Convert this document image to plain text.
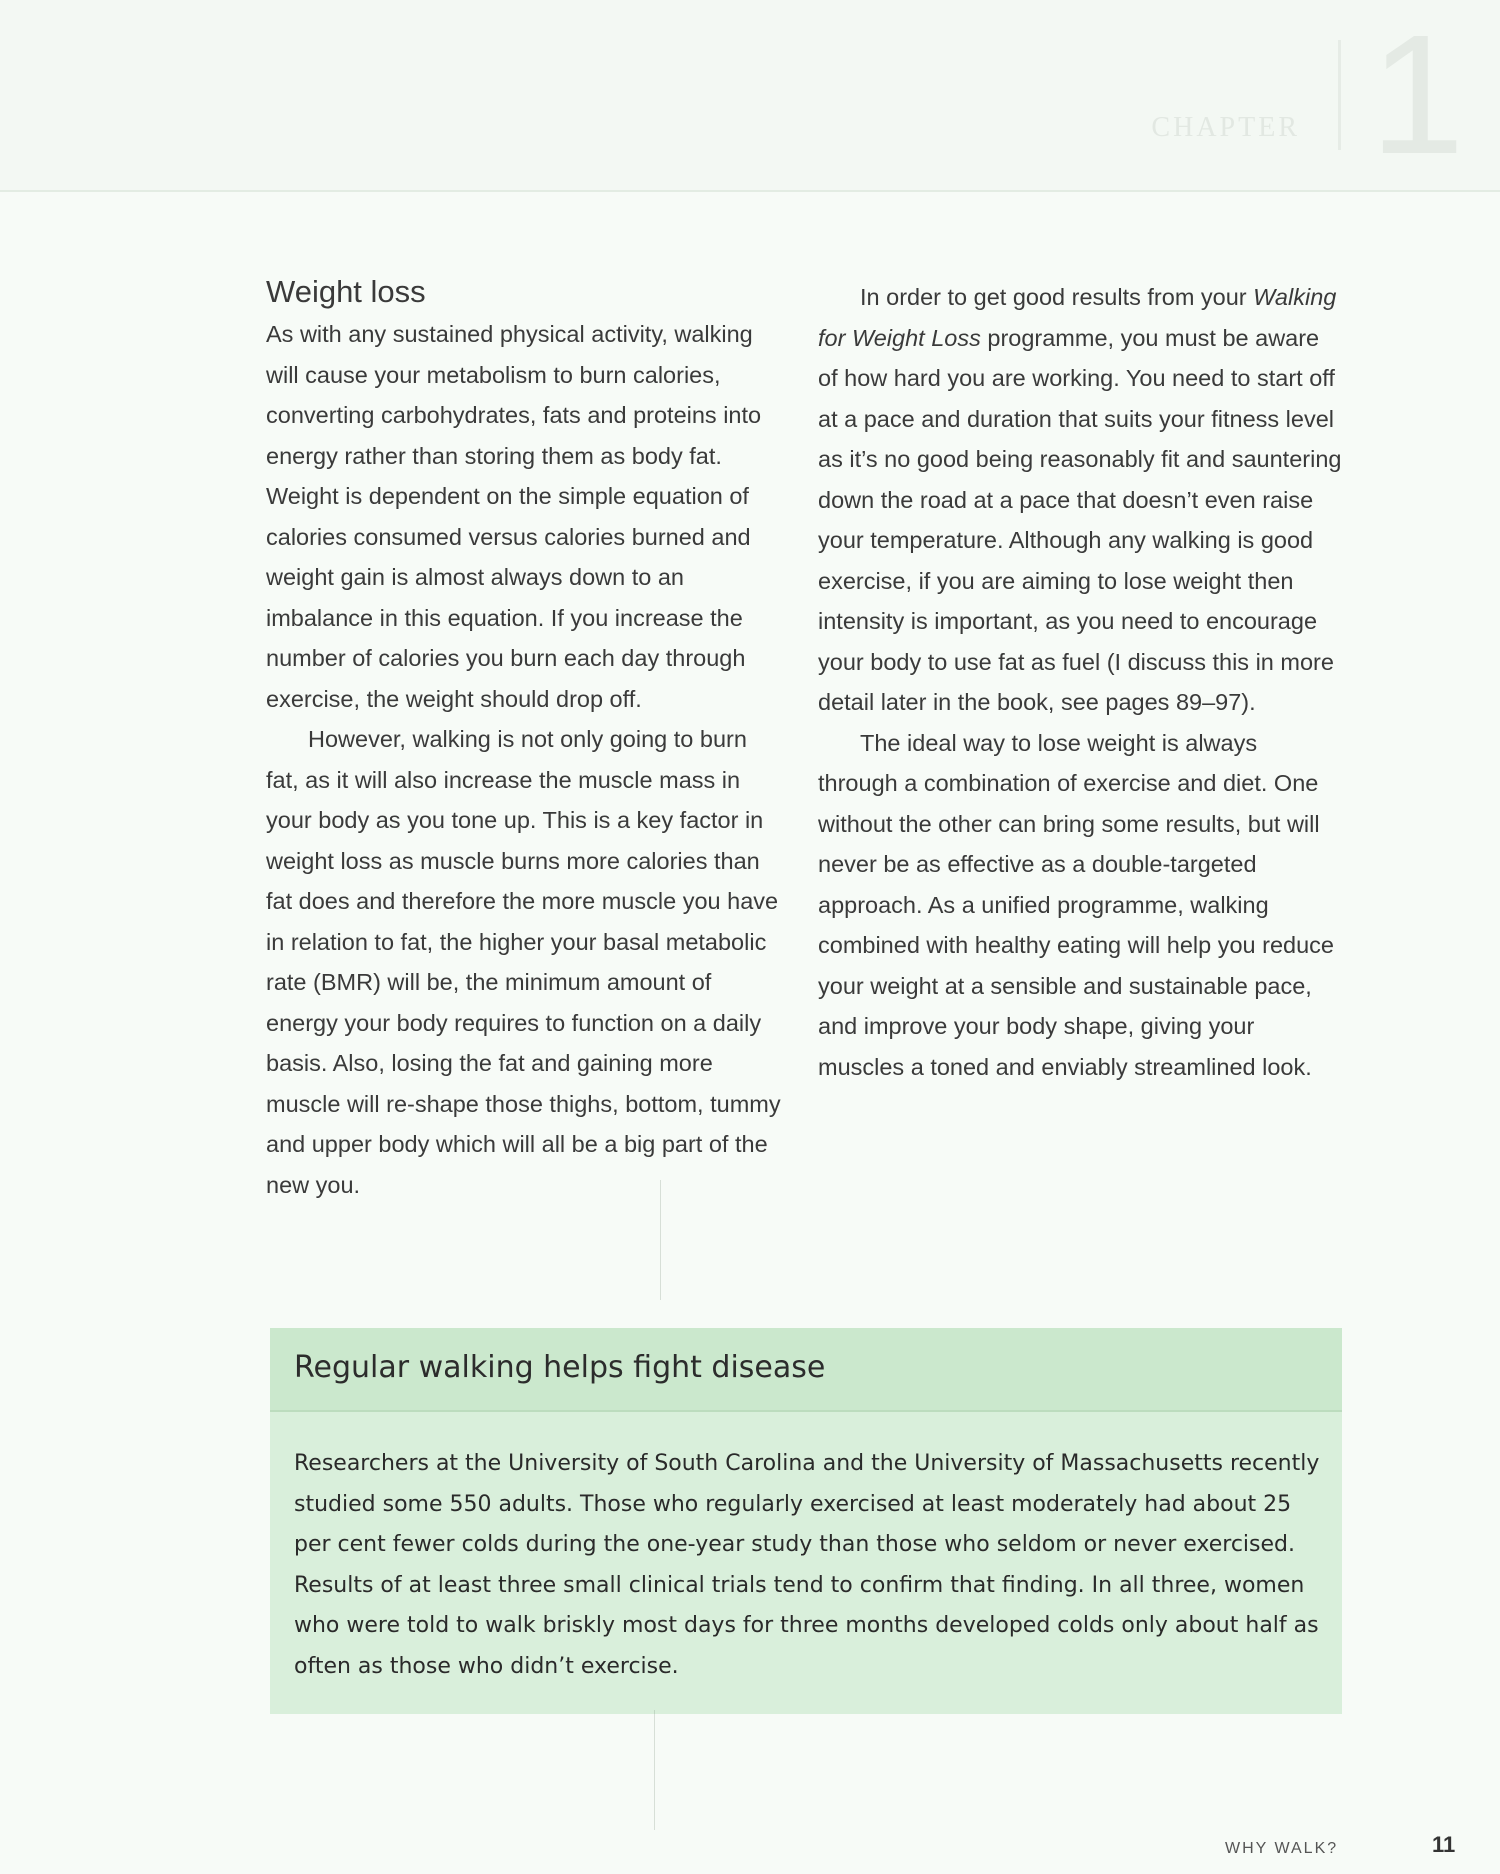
CHAPTER 1
Weight loss

As with any sustained physical activity, walking will cause your metabolism to burn calories, converting carbohydrates, fats and proteins into energy rather than storing them as body fat. Weight is dependent on the simple equation of calories consumed versus calories burned and weight gain is almost always down to an imbalance in this equation. If you increase the number of calories you burn each day through exercise, the weight should drop off.

However, walking is not only going to burn fat, as it will also increase the muscle mass in your body as you tone up. This is a key factor in weight loss as muscle burns more calories than fat does and therefore the more muscle you have in relation to fat, the higher your basal metabolic rate (BMR) will be, the minimum amount of energy your body requires to function on a daily basis. Also, losing the fat and gaining more muscle will re-shape those thighs, bottom, tummy and upper body which will all be a big part of the new you.

In order to get good results from your Walking for Weight Loss programme, you must be aware of how hard you are working. You need to start off at a pace and duration that suits your fitness level as it’s no good being reasonably fit and sauntering down the road at a pace that doesn’t even raise your temperature. Although any walking is good exercise, if you are aiming to lose weight then intensity is important, as you need to encourage your body to use fat as fuel (I discuss this in more detail later in the book, see pages 89–97).

The ideal way to lose weight is always through a combination of exercise and diet. One without the other can bring some results, but will never be as effective as a double-targeted approach. As a unified programme, walking combined with healthy eating will help you reduce your weight at a sensible and sustainable pace, and improve your body shape, giving your muscles a toned and enviably streamlined look.

Regular walking helps fight disease

Researchers at the University of South Carolina and the University of Massachusetts recently studied some 550 adults. Those who regularly exercised at least moderately had about 25 per cent fewer colds during the one-year study than those who seldom or never exercised. Results of at least three small clinical trials tend to confirm that finding. In all three, women who were told to walk briskly most days for three months developed colds only about half as often as those who didn’t exercise.

WHY WALK?	11
